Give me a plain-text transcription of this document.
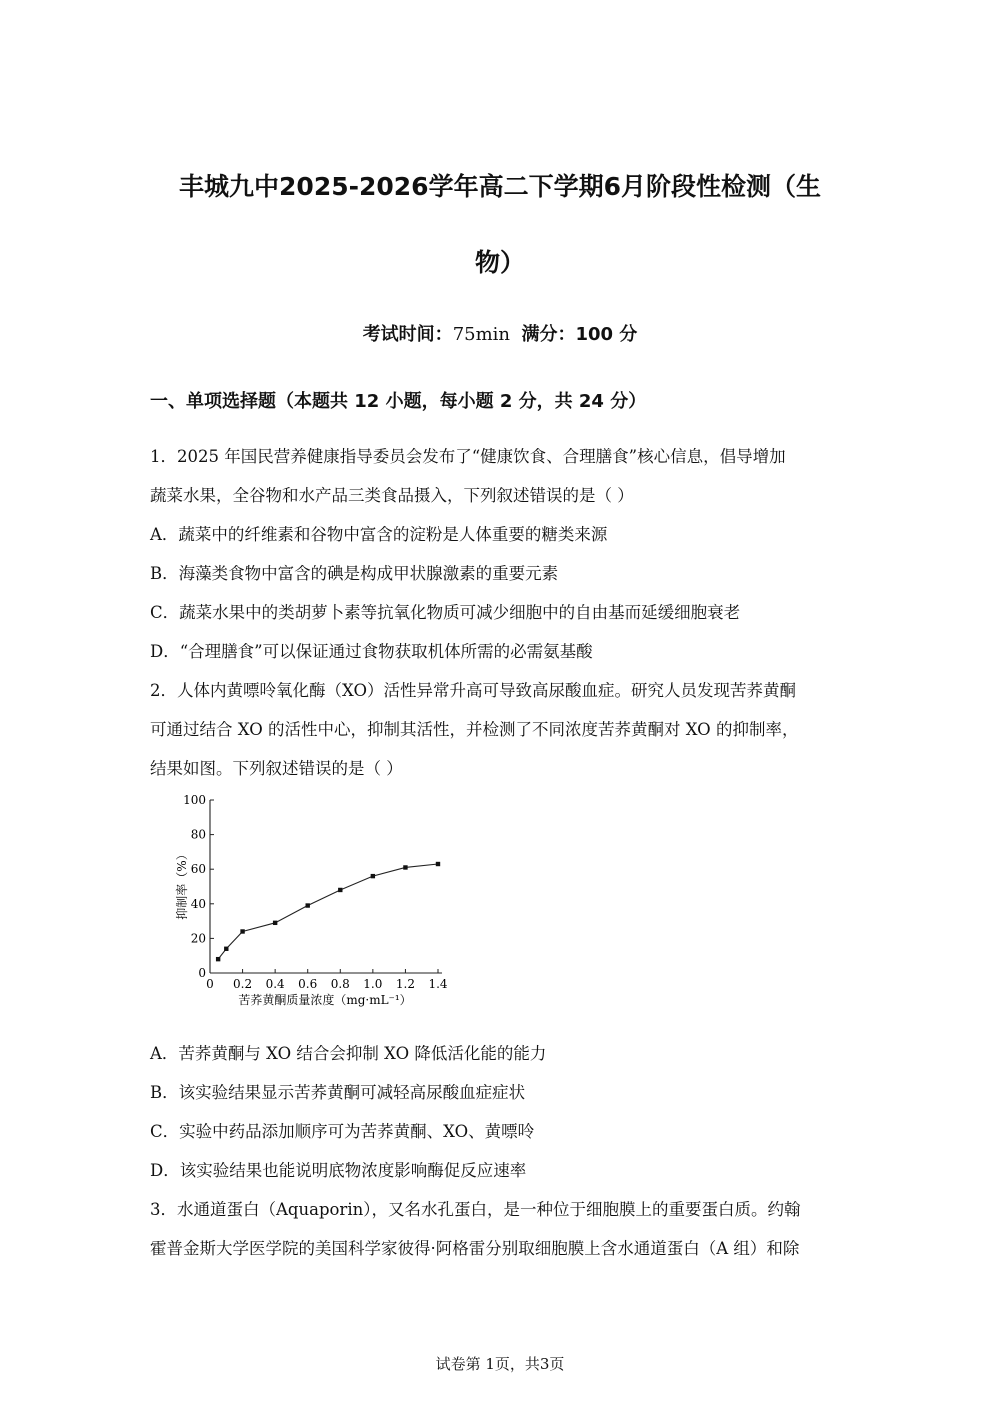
丰城九中2025-2026学年高二下学期6月阶段性检测（生
物）
考试时间：75min 满分：100 分
一、单项选择题（本题共 12 小题，每小题 2 分，共 24 分）
1．2025 年国民营养健康指导委员会发布了“健康饮食、合理膳食”核心信息，倡导增加
蔬菜水果，全谷物和水产品三类食品摄入，下列叙述错误的是（ ）
A．蔬菜中的纤维素和谷物中富含的淀粉是人体重要的糖类来源
B．海藻类食物中富含的碘是构成甲状腺激素的重要元素
C．蔬菜水果中的类胡萝卜素等抗氧化物质可减少细胞中的自由基而延缓细胞衰老
D．“合理膳食”可以保证通过食物获取机体所需的必需氨基酸
2．人体内黄嘌呤氧化酶（XO）活性异常升高可导致高尿酸血症。研究人员发现苦荞黄酮
可通过结合 XO 的活性中心，抑制其活性，并检测了不同浓度苦荞黄酮对 XO 的抑制率，
结果如图。下列叙述错误的是（ ）
0 0.2 0.4 0.6 0.8 1.0 1.2 1.4
0
20
40
60
80
100
苦荞黄酮质量浓度（mg·mL⁻¹）
抑制率（%）
A．苦荞黄酮与 XO 结合会抑制 XO 降低活化能的能力
B．该实验结果显示苦荞黄酮可减轻高尿酸血症症状
C．实验中药品添加顺序可为苦荞黄酮、XO、黄嘌呤
D．该实验结果也能说明底物浓度影响酶促反应速率
3．水通道蛋白（Aquaporin），又名水孔蛋白，是一种位于细胞膜上的重要蛋白质。约翰
霍普金斯大学医学院的美国科学家彼得·阿格雷分别取细胞膜上含水通道蛋白（A 组）和除
试卷第 1页，共3页
